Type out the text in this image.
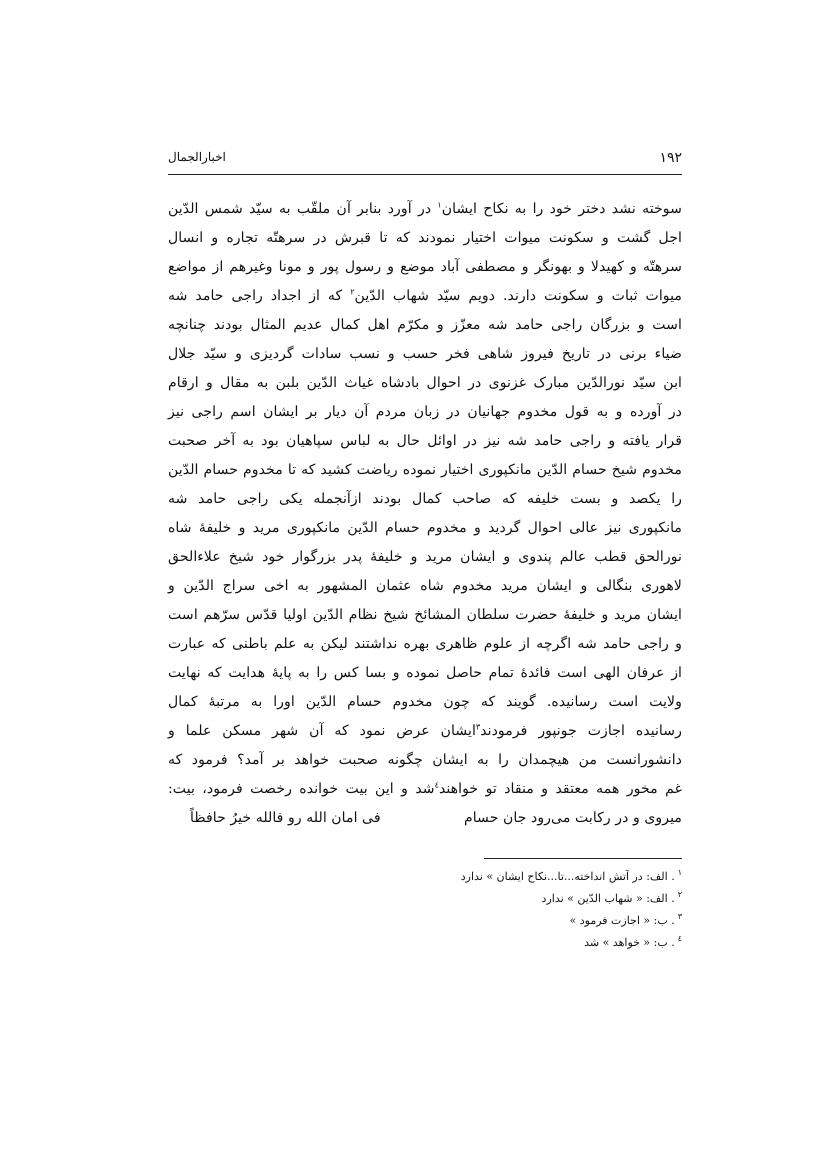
۱۹۲
اخبارالجمال
سوخته نشد دختر خود را به نکاح ایشان$^١$ در آورد بنابر آن ملقّب به سیّد شمس الدّین
اجل گشت و سکونت میوات اختیار نمودند که تا قبرش در سرهتّه تجاره و انسال
سرهتّه و کهیدلا و بهونگر و مصطفی آباد موضع و رسول پور و مونا وغیرهم از مواضع
میوات ثبات و سکونت دارند. دویم سیّد شهاب الدّین$^٢$ که از اجداد راجی حامد شه
است و بزرگان راجی حامد شه معزّز و مکرّم اهل کمال عدیم المثال بودند چنانچه
ضیاء برنی در تاریخ فیروز شاهی فخر حسب و نسب سادات گردیزی و سیّد جلال
ابن سیّد نورالدّین مبارک غزنوی در احوال بادشاه غیاث الدّین بلبن به مقال و ارقام
در آورده و به قول مخدوم جهانیان در زبان مردم آن دیار بر ایشان اسم راجی نیز
قرار یافته و راجی حامد شه نیز در اوائل حال به لباس سپاهیان بود به آخر صحبت
مخدوم شیخ حسام الدّین مانکپوری اختیار نموده ریاضت کشید که تا مخدوم حسام الدّین
را یکصد و بست خلیفه که صاحب کمال بودند ازآنجمله یکی راجی حامد شه
مانکپوری نیز عالی احوال گردید و مخدوم حسام الدّین مانکپوری مرید و خلیفهٔ شاه
نورالحق قطب عالم پندوی و ایشان مرید و خلیفهٔ پدر بزرگوار خود شیخ علاءالحق
لاهوری بنگالی و ایشان مرید مخدوم شاه عثمان المشهور به اخی سراج الدّین و
ایشان مرید و خلیفهٔ حضرت سلطان المشائخ شیخ نظام الدّین اولیا قدّس سرّهم است
و راجی حامد شه اگرچه از علوم ظاهری بهره نداشتند لیکن به علم باطنی که عبارت
از عرفان الهی است فائدهٔ تمام حاصل نموده و بسا کس را به پایهٔ هدایت که نهایت
ولایت است رسانیده. گویند که چون مخدوم حسام الدّین اورا به مرتبهٔ کمال
رسانیده اجازت جونپور فرمودند$^٣$ایشان عرض نمود که آن شهر مسکن علما و
دانشورانست من هیچمدان را به ایشان چگونه صحبت خواهد بر آمد؟ فرمود که
غم مخور همه معتقد و منقاد تو خواهند$^٤$شد و این بیت خوانده رخصت فرمود، بیت:
میروی و در رکابت می‌رود جان حسام
فی امان الله رو فالله خیرُ حافظاً
$^١$. الف: در آتش انداخته...تا...نکاح ایشان » ندارد
$^٢$. الف: « شهاب الدّین » ندارد
$^٣$. ب: « اجازت فرمود »
$^٤$. ب: « خواهد » شد
